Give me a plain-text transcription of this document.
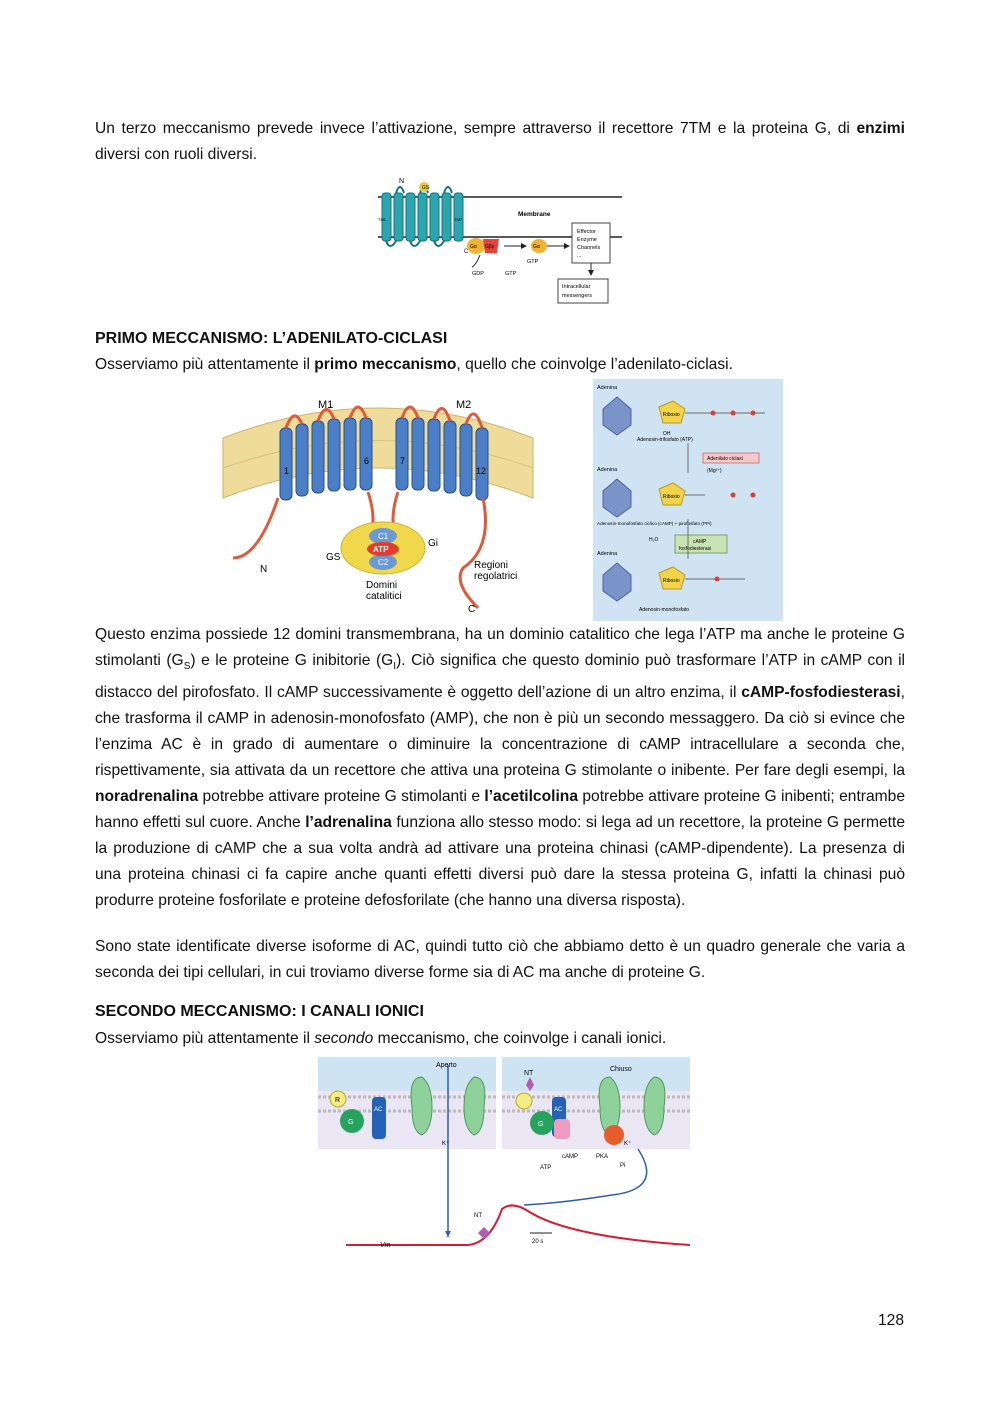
Un terzo meccanismo prevede invece l’attivazione, sempre attraverso il recettore 7TM e la proteina G, di enzimi diversi con ruoli diversi.
N
GS
Membrane
TM1	TM7
C
Gα Gβγ	Gα
Effector
Enzyme
Channels
...
Intracellular
messengers
GDP	GTP
GTP
PRIMO MECCANISMO: L’ADENILATO-CICLASI
Osserviamo più attentamente il primo meccanismo, quello che coinvolge l’adenilato-ciclasi.
M1	M2
1
6	7
12
C1
ATP
C2
GS
Gi
N
C
Regioni
regolatrici
Domini
catalitici
Adenina
Ribosio
OH
Adenosin-trifosfato (ATP)
Adenilato ciclasi
(Mg²⁺)
Adenina
Ribosio
Adenosin-monofosfato ciclico (cAMP) + pirofosfato (PPi)
H₂O	cAMP
fosfodiesterasi
Adenina
Ribosio
Adenosin-monofosfato
Questo enzima possiede 12 domini transmembrana, ha un dominio catalitico che lega l’ATP ma anche le proteine G stimolanti $(G_S)$ e le proteine G inibitorie $(G_I)$. Ciò significa che questo dominio può trasformare l’ATP in cAMP con il distacco del pirofosfato. Il cAMP successivamente è oggetto dell’azione di un altro enzima, il cAMP-fosfodiesterasi, che trasforma il cAMP in adenosin-monofosfato (AMP), che non è più un secondo messaggero. Da ciò si evince che l’enzima AC è in grado di aumentare o diminuire la concentrazione di cAMP intracellulare a seconda che, rispettivamente, sia attivata da un recettore che attiva una proteina G stimolante o inibente. Per fare degli esempi, la noradrenalina potrebbe attivare proteine G stimolanti e l’acetilcolina potrebbe attivare proteine G inibenti; entrambe hanno effetti sul cuore. Anche l’adrenalina funziona allo stesso modo: si lega ad un recettore, la proteine G permette la produzione di cAMP che a sua volta andrà ad attivare una proteina chinasi (cAMP-dipendente). La presenza di una proteina chinasi ci fa capire anche quanti effetti diversi può dare la stessa proteina G, infatti la chinasi può produrre proteine fosforilate e proteine defosforilate (che hanno una diversa risposta).
Sono state identificate diverse isoforme di AC, quindi tutto ciò che abbiamo detto è un quadro generale che varia a seconda dei tipi cellulari, in cui troviamo diverse forme sia di AC ma anche di proteine G.
SECONDO MECCANISMO: I CANALI IONICI
Osserviamo più attentamente il secondo meccanismo, che coinvolge i canali ionici.
Aperto
Chiuso
R
G
AC
K⁺
NT
G
AC
K⁺
cAMP	PKA
ATP	Pi
NT
20 s
Vm
128
